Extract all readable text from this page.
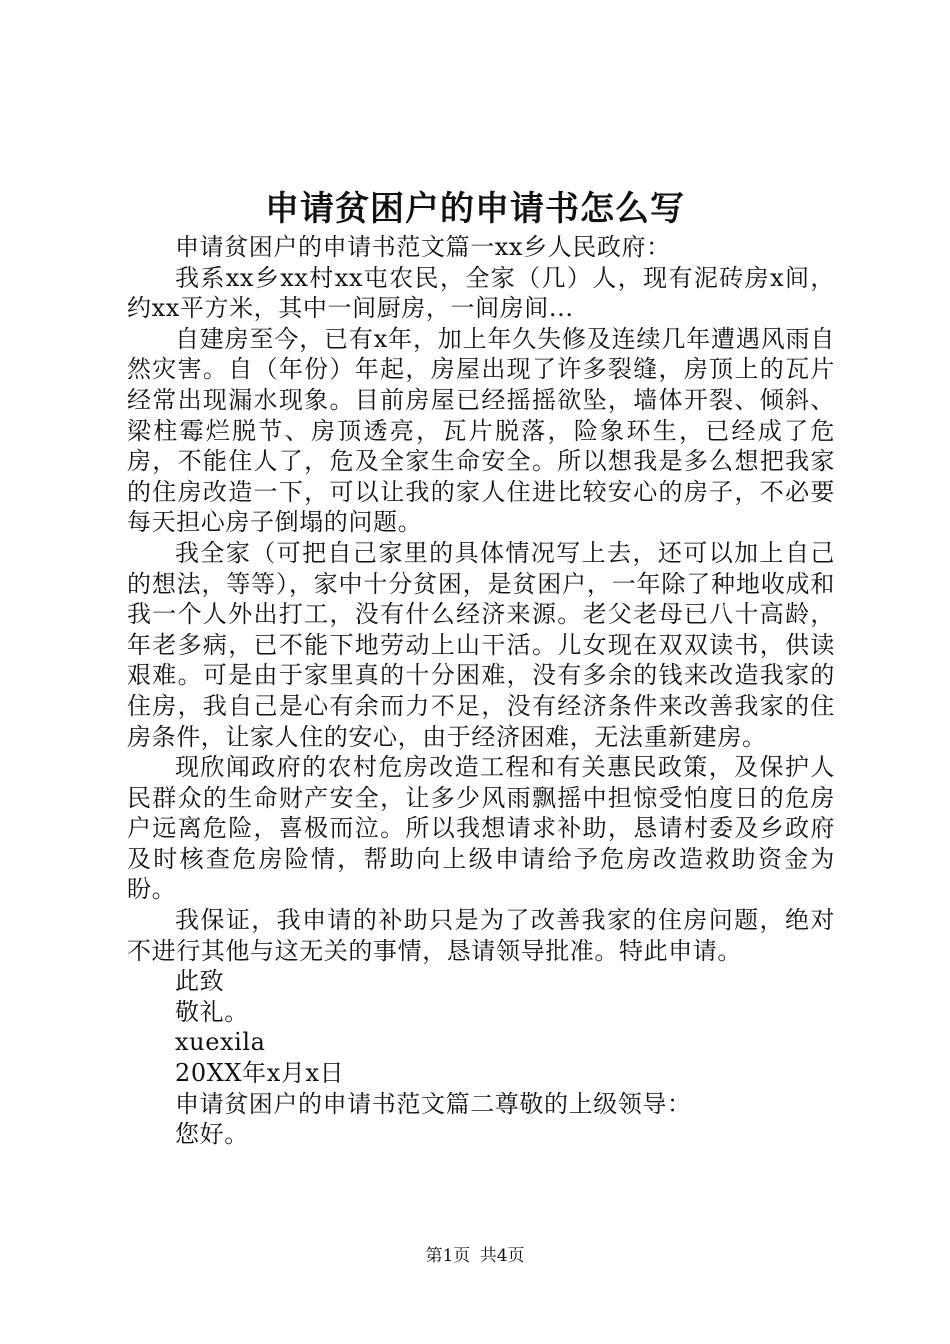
申请贫困户的申请书怎么写

申请贫困户的申请书范文篇一xx乡人民政府：

我系xx乡xx村xx屯农民，全家（几）人，现有泥砖房x间，约xx平方米，其中一间厨房，一间房间...

自建房至今，已有x年，加上年久失修及连续几年遭遇风雨自然灾害。自（年份）年起，房屋出现了许多裂缝，房顶上的瓦片经常出现漏水现象。目前房屋已经摇摇欲坠，墙体开裂、倾斜、梁柱霉烂脱节、房顶透亮，瓦片脱落，险象环生，已经成了危房，不能住人了，危及全家生命安全。所以想我是多么想把我家的住房改造一下，可以让我的家人住进比较安心的房子，不必要每天担心房子倒塌的问题。

我全家（可把自己家里的具体情况写上去，还可以加上自己的想法，等等），家中十分贫困，是贫困户，一年除了种地收成和我一个人外出打工，没有什么经济来源。老父老母已八十高龄，年老多病，已不能下地劳动上山干活。儿女现在双双读书，供读艰难。可是由于家里真的十分困难，没有多余的钱来改造我家的住房，我自己是心有余而力不足，没有经济条件来改善我家的住房条件，让家人住的安心，由于经济困难，无法重新建房。

现欣闻政府的农村危房改造工程和有关惠民政策，及保护人民群众的生命财产安全，让多少风雨飘摇中担惊受怕度日的危房户远离危险，喜极而泣。所以我想请求补助，恳请村委及乡政府及时核查危房险情，帮助向上级申请给予危房改造救助资金为盼。

我保证，我申请的补助只是为了改善我家的住房问题，绝对不进行其他与这无关的事情，恳请领导批准。特此申请。

此致
敬礼。
xuexila
20XX年x月x日
申请贫困户的申请书范文篇二尊敬的上级领导：
您好。
第1页 共4页
